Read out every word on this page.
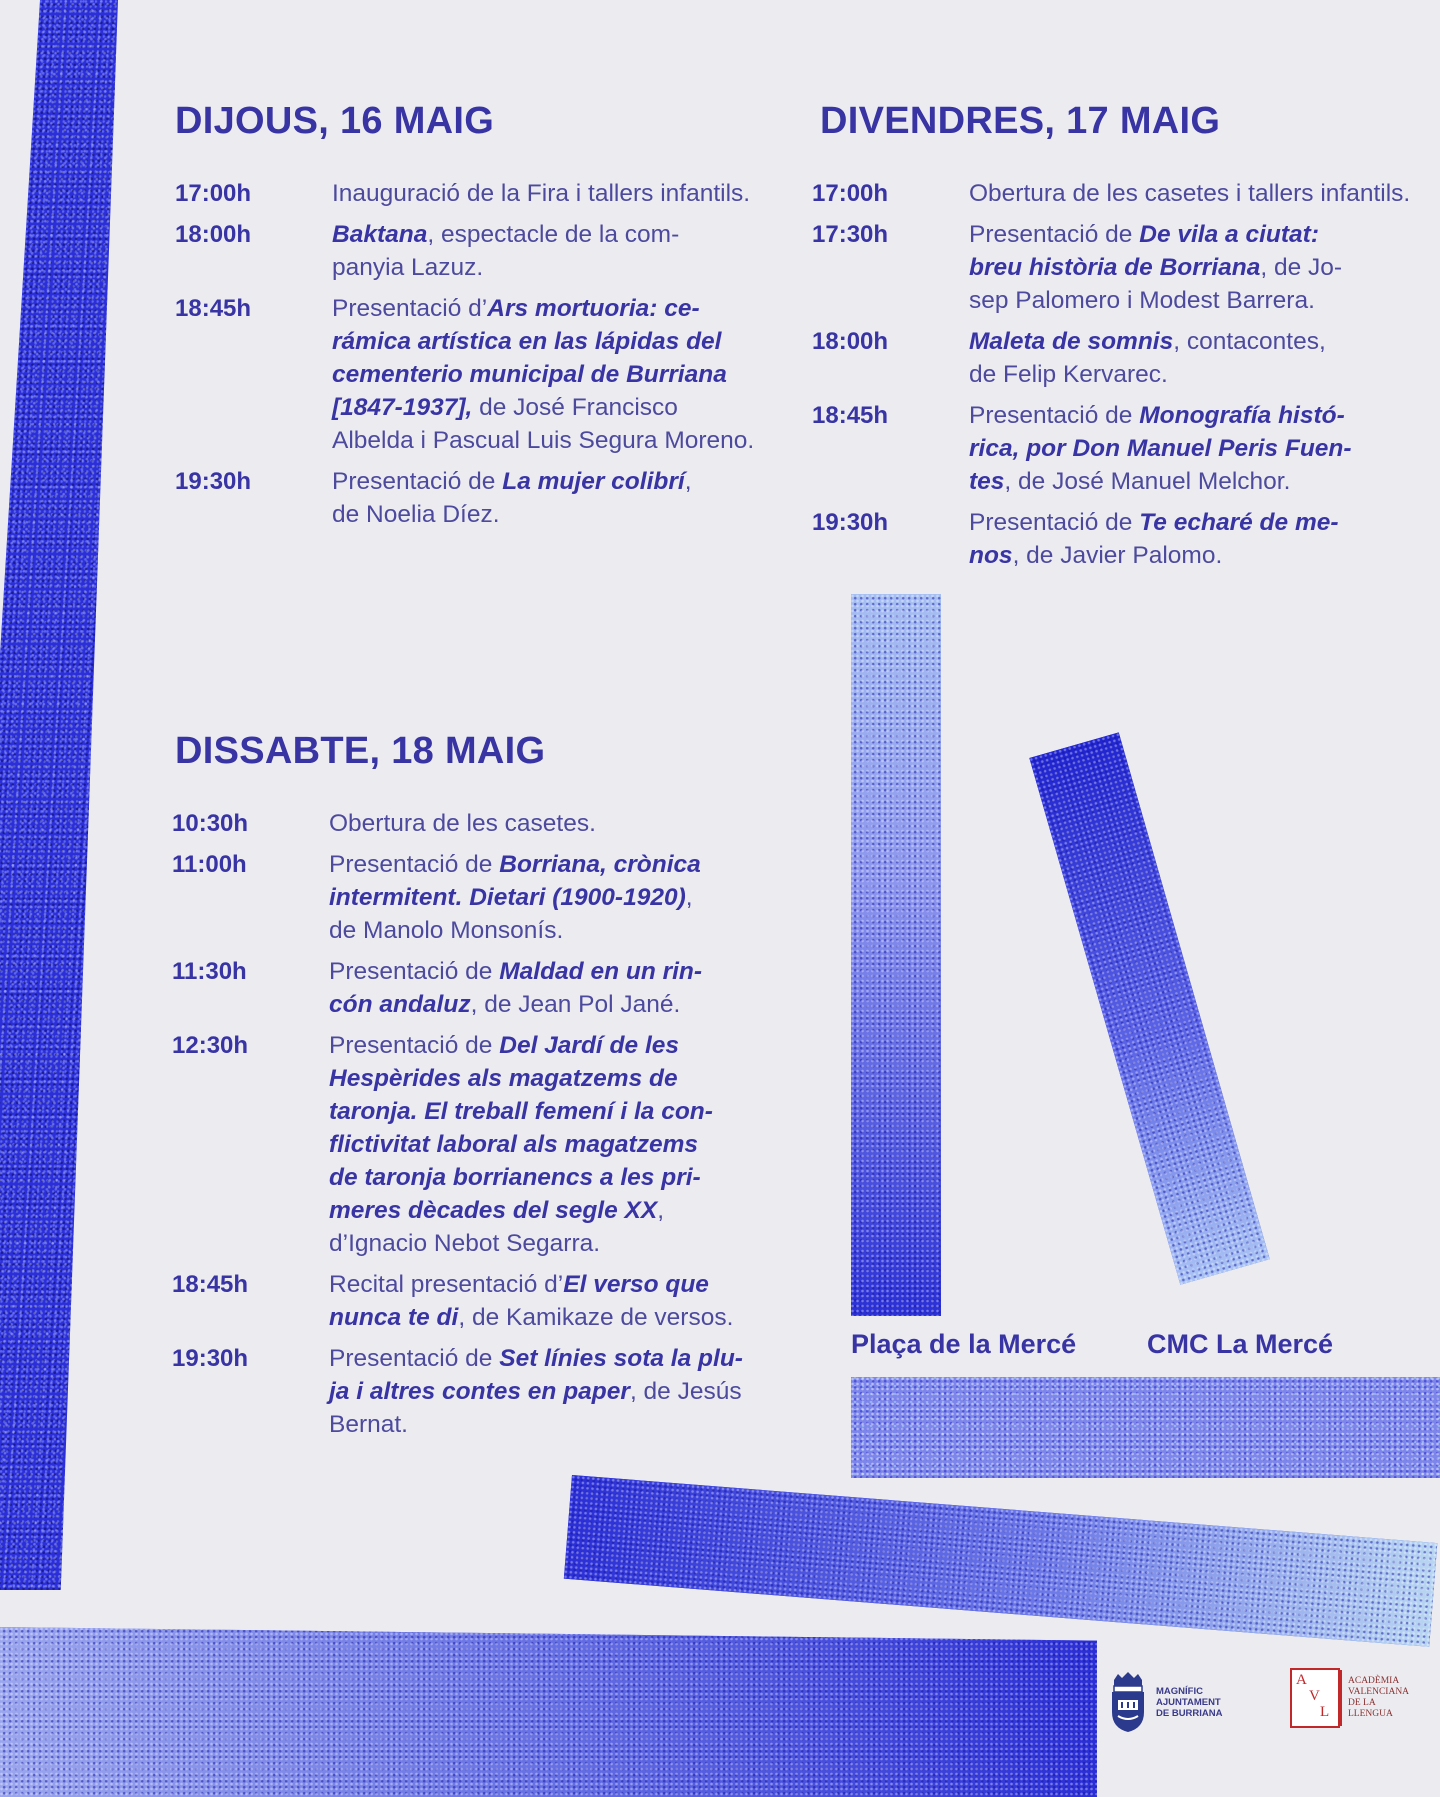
DIJOUS, 16 MAIG
17:00h	Inauguració de la Fira i tallers infantils.
18:00h	Baktana, espectacle de la com-
panyia Lazuz.
18:45h	Presentació d’Ars mortuoria: ce-
rámica artística en las lápidas del
cementerio municipal de Burriana
[1847-1937], de José Francisco
Albelda i Pascual Luis Segura Moreno.
19:30h	Presentació de La mujer colibrí,
de Noelia Díez.
DIVENDRES, 17 MAIG
17:00h	Obertura de les casetes i tallers infantils.
17:30h	Presentació de De vila a ciutat:
breu història de Borriana, de Jo-
sep Palomero i Modest Barrera.
18:00h	Maleta de somnis, contacontes,
de Felip Kervarec.
18:45h	Presentació de Monografía histó-
rica, por Don Manuel Peris Fuen-
tes, de José Manuel Melchor.
19:30h	Presentació de Te echaré de me-
nos, de Javier Palomo.
DISSABTE, 18 MAIG
10:30h	Obertura de les casetes.
11:00h	Presentació de Borriana, crònica
intermitent. Dietari (1900-1920),
de Manolo Monsonís.
11:30h	Presentació de Maldad en un rin-
cón andaluz, de Jean Pol Jané.
12:30h	Presentació de Del Jardí de les
Hespèrides als magatzems de
taronja. El treball femení i la con-
flictivitat laboral als magatzems
de taronja borrianencs a les pri-
meres dècades del segle XX,
d’Ignacio Nebot Segarra.
18:45h	Recital presentació d’El verso que
nunca te di, de Kamikaze de versos.
19:30h	Presentació de Set línies sota la plu-
ja i altres contes en paper, de Jesús
Bernat.
Plaça de la Mercé	CMC La Mercé
MAGNÍFIC
AJUNTAMENT
DE BURRIANA
A
V
L
ACADÈMIA
VALENCIANA
DE LA
LLENGUA
